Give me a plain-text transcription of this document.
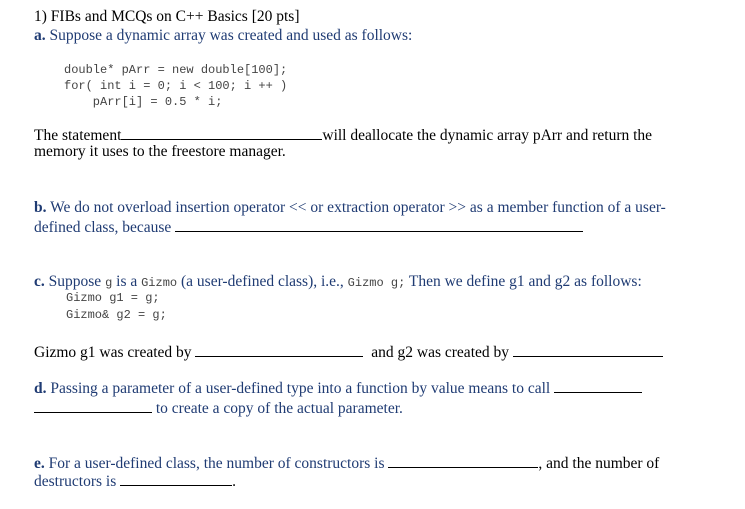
1) FIBs and MCQs on C++ Basics [20 pts]
a. Suppose a dynamic array was created and used as follows:
double* pArr = new double[100];
for( int i = 0; i < 100; i ++ )
pArr[i] = 0.5 * i;
The statement	will deallocate the dynamic array pArr and return the
memory it uses to the freestore manager.
b. We do not overload insertion operator << or extraction operator >> as a member function of a user-
defined class, because
c. Suppose g is a Gizmo (a user-defined class), i.e., Gizmo g; Then we define g1 and g2 as follows:
Gizmo g1 = g;
Gizmo& g2 = g;
Gizmo g1 was created by	and g2 was created by
d. Passing a parameter of a user-defined type into a function by value means to call
to create a copy of the actual parameter.
e. For a user-defined class, the number of constructors is	, and the number of
destructors is	.
